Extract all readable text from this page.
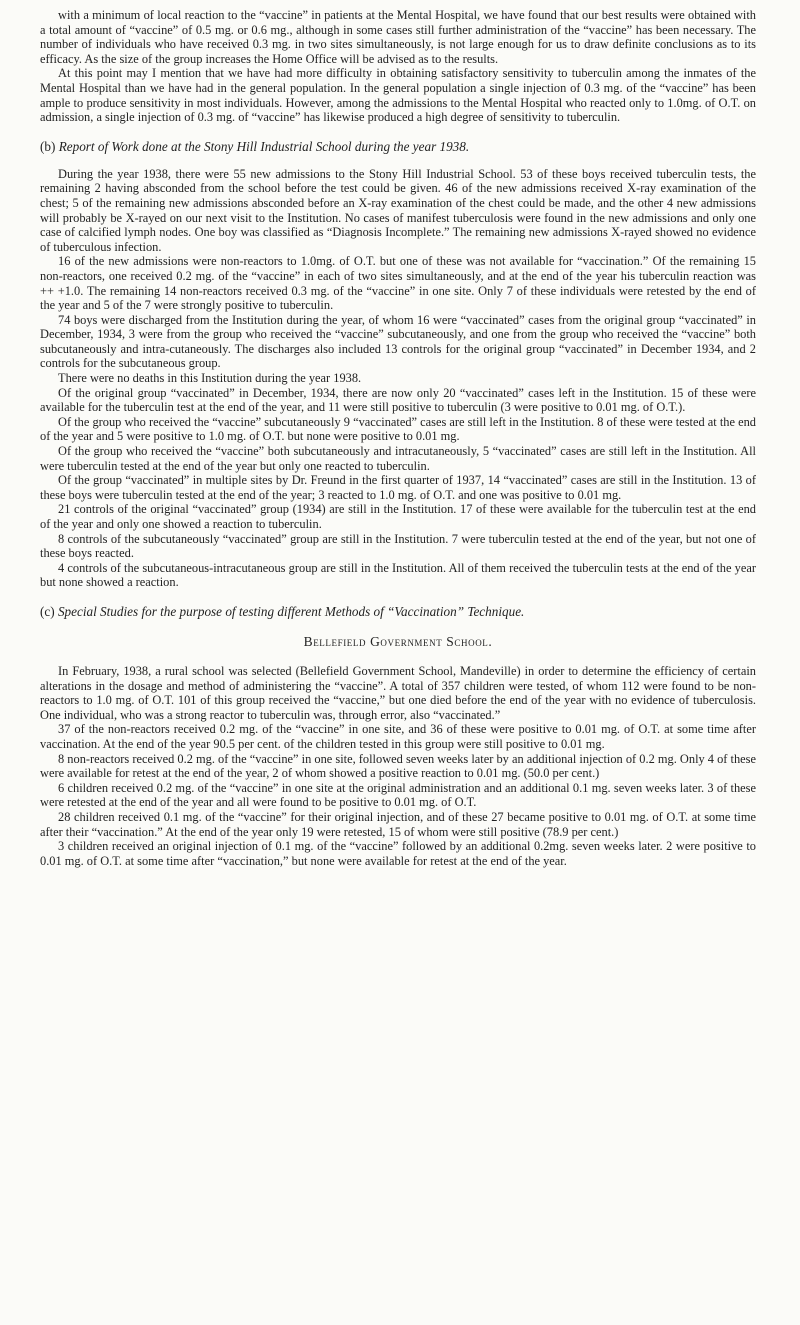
with a minimum of local reaction to the “vaccine” in patients at the Mental Hospital, we have found that our best results were obtained with a total amount of “vaccine” of 0.5 mg. or 0.6 mg., although in some cases still further administration of the “vaccine” has been necessary. The number of individuals who have received 0.3 mg. in two sites simultaneously, is not large enough for us to draw definite conclusions as to its efficacy. As the size of the group increases the Home Office will be advised as to the results.

At this point may I mention that we have had more difficulty in obtaining satisfactory sensitivity to tuberculin among the inmates of the Mental Hospital than we have had in the general population. In the general population a single injection of 0.3 mg. of the “vaccine” has been ample to produce sensitivity in most individuals. However, among the admissions to the Mental Hospital who reacted only to 1.0mg. of O.T. on admission, a single injection of 0.3 mg. of “vaccine” has likewise produced a high degree of sensitivity to tuberculin.

(b) Report of Work done at the Stony Hill Industrial School during the year 1938.

During the year 1938, there were 55 new admissions to the Stony Hill Industrial School. 53 of these boys received tuberculin tests, the remaining 2 having absconded from the school before the test could be given. 46 of the new admissions received X-ray examination of the chest; 5 of the remaining new admissions absconded before an X-ray examination of the chest could be made, and the other 4 new admissions will probably be X-rayed on our next visit to the Institution. No cases of manifest tuberculosis were found in the new admissions and only one case of calcified lymph nodes. One boy was classified as “Diagnosis Incomplete.” The remaining new admissions X-rayed showed no evidence of tuberculous infection.

16 of the new admissions were non-reactors to 1.0mg. of O.T. but one of these was not available for “vaccination.” Of the remaining 15 non-reactors, one received 0.2 mg. of the “vaccine” in each of two sites simultaneously, and at the end of the year his tuberculin reaction was ++ +1.0. The remaining 14 non-reactors received 0.3 mg. of the “vaccine” in one site. Only 7 of these individuals were retested by the end of the year and 5 of the 7 were strongly positive to tuberculin.

74 boys were discharged from the Institution during the year, of whom 16 were “vaccinated” cases from the original group “vaccinated” in December, 1934, 3 were from the group who received the “vaccine” subcutaneously, and one from the group who received the “vaccine” both subcutaneously and intra-cutaneously. The discharges also included 13 controls for the original group “vaccinated” in December 1934, and 2 controls for the subcutaneous group.

There were no deaths in this Institution during the year 1938.

Of the original group “vaccinated” in December, 1934, there are now only 20 “vaccinated” cases left in the Institution. 15 of these were available for the tuberculin test at the end of the year, and 11 were still positive to tuberculin (3 were positive to 0.01 mg. of O.T.).

Of the group who received the “vaccine” subcutaneously 9 “vaccinated” cases are still left in the Institution. 8 of these were tested at the end of the year and 5 were positive to 1.0 mg. of O.T. but none were positive to 0.01 mg.

Of the group who received the “vaccine” both subcutaneously and intracutaneously, 5 “vaccinated” cases are still left in the Institution. All were tuberculin tested at the end of the year but only one reacted to tuberculin.

Of the group “vaccinated” in multiple sites by Dr. Freund in the first quarter of 1937, 14 “vaccinated” cases are still in the Institution. 13 of these boys were tuberculin tested at the end of the year; 3 reacted to 1.0 mg. of O.T. and one was positive to 0.01 mg.

21 controls of the original “vaccinated” group (1934) are still in the Institution. 17 of these were available for the tuberculin test at the end of the year and only one showed a reaction to tuberculin.

8 controls of the subcutaneously “vaccinated” group are still in the Institution. 7 were tuberculin tested at the end of the year, but not one of these boys reacted.

4 controls of the subcutaneous-intracutaneous group are still in the Institution. All of them received the tuberculin tests at the end of the year but none showed a reaction.

(c) Special Studies for the purpose of testing different Methods of “Vaccination” Technique.
Bellefield Government School.

In February, 1938, a rural school was selected (Bellefield Government School, Mandeville) in order to determine the efficiency of certain alterations in the dosage and method of administering the “vaccine”. A total of 357 children were tested, of whom 112 were found to be non-reactors to 1.0 mg. of O.T. 101 of this group received the “vaccine,” but one died before the end of the year with no evidence of tuberculosis. One individual, who was a strong reactor to tuberculin was, through error, also “vaccinated.”

37 of the non-reactors received 0.2 mg. of the “vaccine” in one site, and 36 of these were positive to 0.01 mg. of O.T. at some time after vaccination. At the end of the year 90.5 per cent. of the children tested in this group were still positive to 0.01 mg.

8 non-reactors received 0.2 mg. of the “vaccine” in one site, followed seven weeks later by an additional injection of 0.2 mg. Only 4 of these were available for retest at the end of the year, 2 of whom showed a positive reaction to 0.01 mg. (50.0 per cent.)

6 children received 0.2 mg. of the “vaccine” in one site at the original administration and an additional 0.1 mg. seven weeks later. 3 of these were retested at the end of the year and all were found to be positive to 0.01 mg. of O.T.

28 children received 0.1 mg. of the “vaccine” for their original injection, and of these 27 became positive to 0.01 mg. of O.T. at some time after their “vaccination.” At the end of the year only 19 were retested, 15 of whom were still positive (78.9 per cent.)

3 children received an original injection of 0.1 mg. of the “vaccine” followed by an additional 0.2mg. seven weeks later. 2 were positive to 0.01 mg. of O.T. at some time after “vaccination,” but none were available for retest at the end of the year.
